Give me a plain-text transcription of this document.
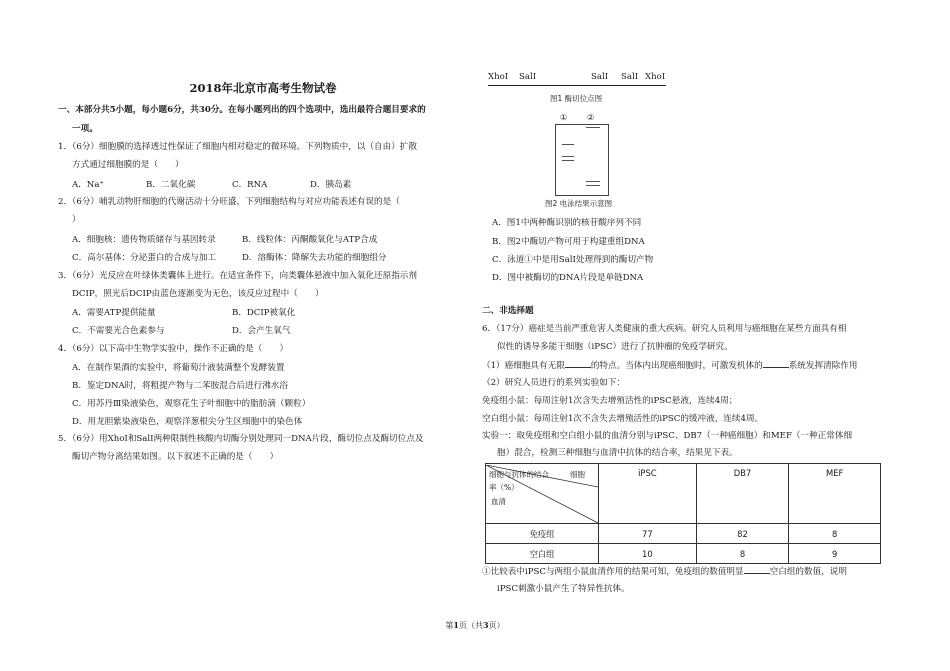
2018年北京市高考生物试卷
一、本部分共5小题，每小题6分，共30分。在每小题列出的四个选项中，选出最符合题目要求的
一项。
1．（6分）细胞膜的选择透过性保证了细胞内相对稳定的微环境。下列物质中，以（自由）扩散
方式通过细胞膜的是（　　）
A．Na⁺	B．二氧化碳	C．RNA	D．胰岛素
2．（6分）哺乳动物肝细胞的代谢活动十分旺盛，下列细胞结构与对应功能表述有误的是（
）
A．细胞核：遗传物质储存与基因转录	B．线粒体：丙酮酸氧化与ATP合成
C．高尔基体：分泌蛋白的合成与加工	D．溶酶体：降解失去功能的细胞组分
3．（6分）光反应在叶绿体类囊体上进行。在适宜条件下，向类囊体悬液中加入氧化还原指示剂
DCIP，照光后DCIP由蓝色逐渐变为无色，该反应过程中（　　）
A．需要ATP提供能量	B．DCIP被氧化
C．不需要光合色素参与	D．会产生氧气
4．（6分）以下高中生物学实验中，操作不正确的是（　　）
A．在制作果酒的实验中，将葡萄汁液装满整个发酵装置
B．鉴定DNA时，将粗提产物与二苯胺混合后进行沸水浴
C．用苏丹Ⅲ染液染色，观察花生子叶细胞中的脂肪滴（颗粒）
D．用龙胆紫染液染色，观察洋葱根尖分生区细胞中的染色体
5．（6分）用XhoⅠ和SalⅠ两种限制性核酸内切酶分别处理同一DNA片段，酶切位点及酶切位点及
酶切产物分离结果如图。以下叙述不正确的是（　　）
XhoⅠ SalⅠ	SalⅠ SalⅠ XhoⅠ
图1 酶切位点图
① ②
图2 电泳结果示意图
A．图1中两种酶识别的核苷酸序列不同
B．图2中酶切产物可用于构建重组DNA
C．泳道①中是用SalⅠ处理得到的酶切产物
D．图中被酶切的DNA片段是单链DNA
二、非选择题
6．（17分）癌症是当前严重危害人类健康的重大疾病。研究人员利用与癌细胞在某些方面具有相
似性的诱导多能干细胞（iPSC）进行了抗肿瘤的免疫学研究。
（1）癌细胞具有无限	的特点。当体内出现癌细胞时，可激发机体的	系统发挥清除作用
（2）研究人员进行的系列实验如下：
免疫组小鼠：每周注射1次含失去增殖活性的iPSC悬液，连续4周；
空白组小鼠：每周注射1次不含失去增殖活性的iPSC的缓冲液，连续4周。
实验一：取免疫组和空白组小鼠的血清分别与iPSC、DB7（一种癌细胞）和MEF（一种正常体细
胞）混合，检测三种细胞与血清中抗体的结合率，结果见下表。
细胞与抗体的结合 细胞
率（%）
血清	iPSC	DB7	MEF
免疫组	77	82	8
空白组	10	8	9
①比较表中iPSC与两组小鼠血清作用的结果可知，免疫组的数值明显	空白组的数值，说明
iPSC刺激小鼠产生了特异性抗体。
第1页（共3页）
